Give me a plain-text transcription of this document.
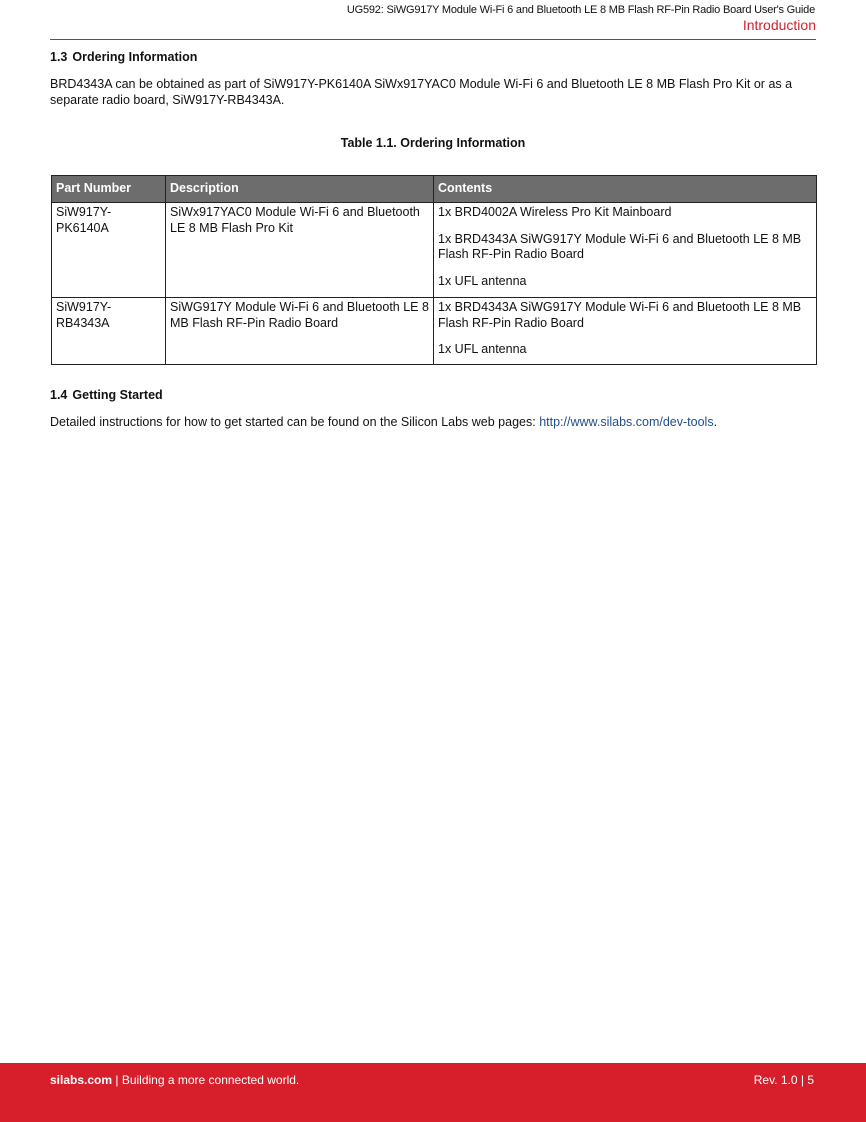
UG592: SiWG917Y Module Wi-Fi 6 and Bluetooth LE 8 MB Flash RF-Pin Radio Board User's Guide
Introduction
1.3 Ordering Information
BRD4343A can be obtained as part of SiW917Y-PK6140A SiWx917YAC0 Module Wi-Fi 6 and Bluetooth LE 8 MB Flash Pro Kit or as a separate radio board, SiW917Y-RB4343A.
Table 1.1. Ordering Information
Part Number	Description	Contents

SiW917Y-
PK6140A	SiWx917YAC0 Module Wi-Fi 6 and Bluetooth LE 8 MB Flash Pro Kit	1x BRD4002A Wireless Pro Kit Mainboard
1x BRD4343A SiWG917Y Module Wi-Fi 6 and Bluetooth LE 8 MB Flash RF-Pin Radio Board
1x UFL antenna

SiW917Y-
RB4343A	SiWG917Y Module Wi-Fi 6 and Bluetooth LE 8 MB Flash RF-Pin Radio Board	1x BRD4343A SiWG917Y Module Wi-Fi 6 and Bluetooth LE 8 MB Flash RF-Pin Radio Board
1x UFL antenna
1.4 Getting Started
Detailed instructions for how to get started can be found on the Silicon Labs web pages: http://www.silabs.com/dev-tools.
silabs.com | Building a more connected world.	Rev. 1.0 | 5
